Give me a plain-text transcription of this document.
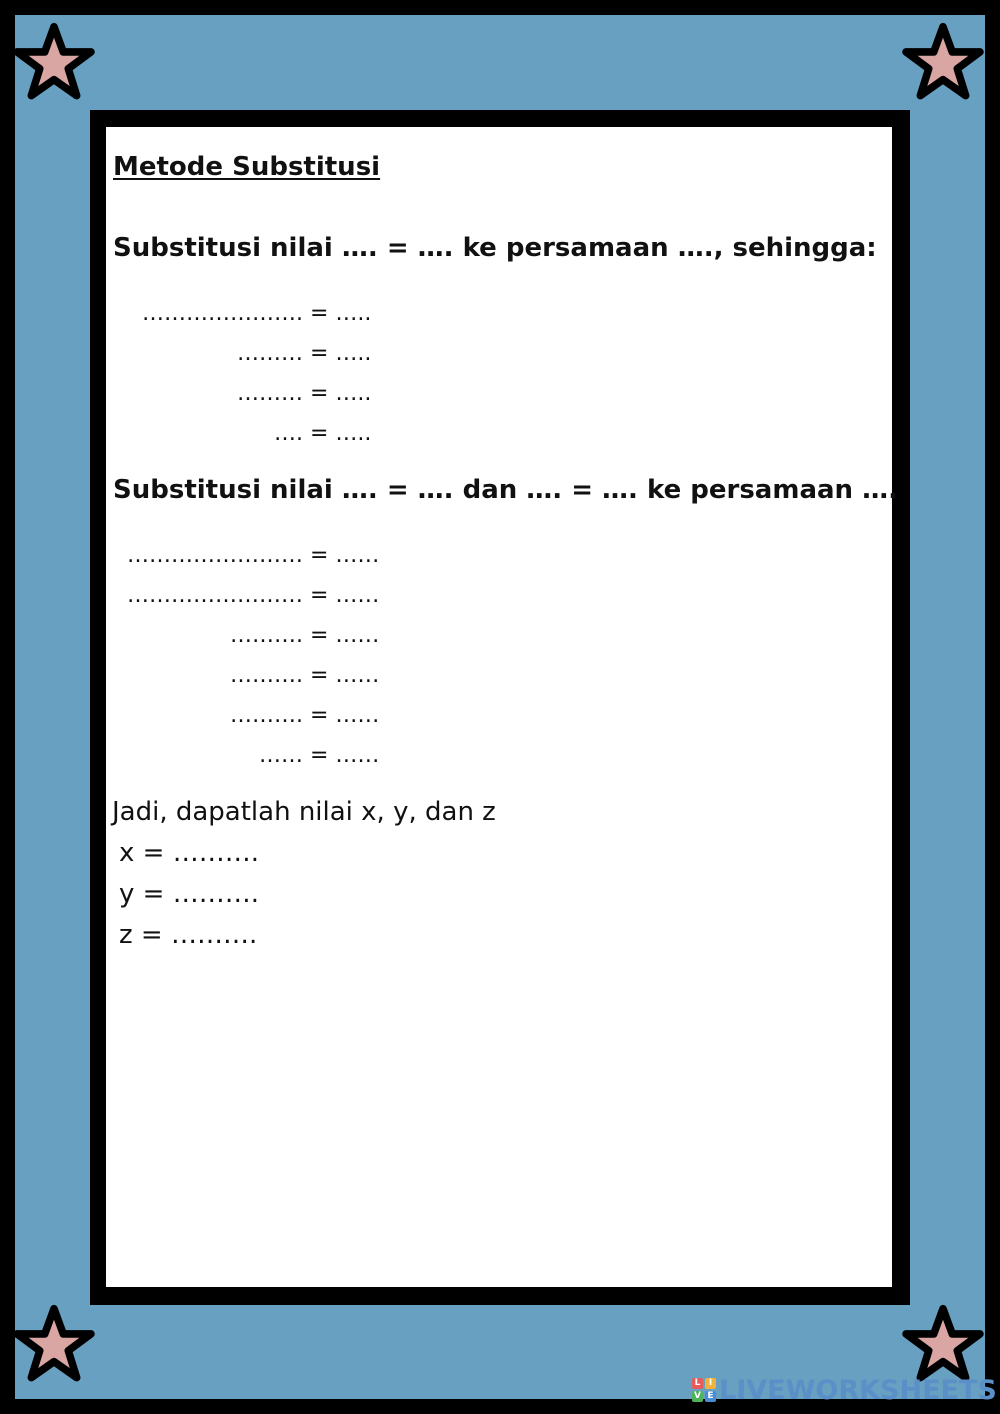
Metode Substitusi
Substitusi nilai …. = …. ke persamaan …., sehingga:

…………………. = …..

……… = …..

……… = …..

…. = …..

Substitusi nilai …. = …. dan …. = …. ke persamaan ….

…………………… = ……

…………………… = ……

………. = ……

………. = ……

………. = ……

…… = ……

Jadi, dapatlah nilai x, y, dan z
x = ……….
y = ……….
z = ……….
L I
V E LIVEWORKSHEETS
